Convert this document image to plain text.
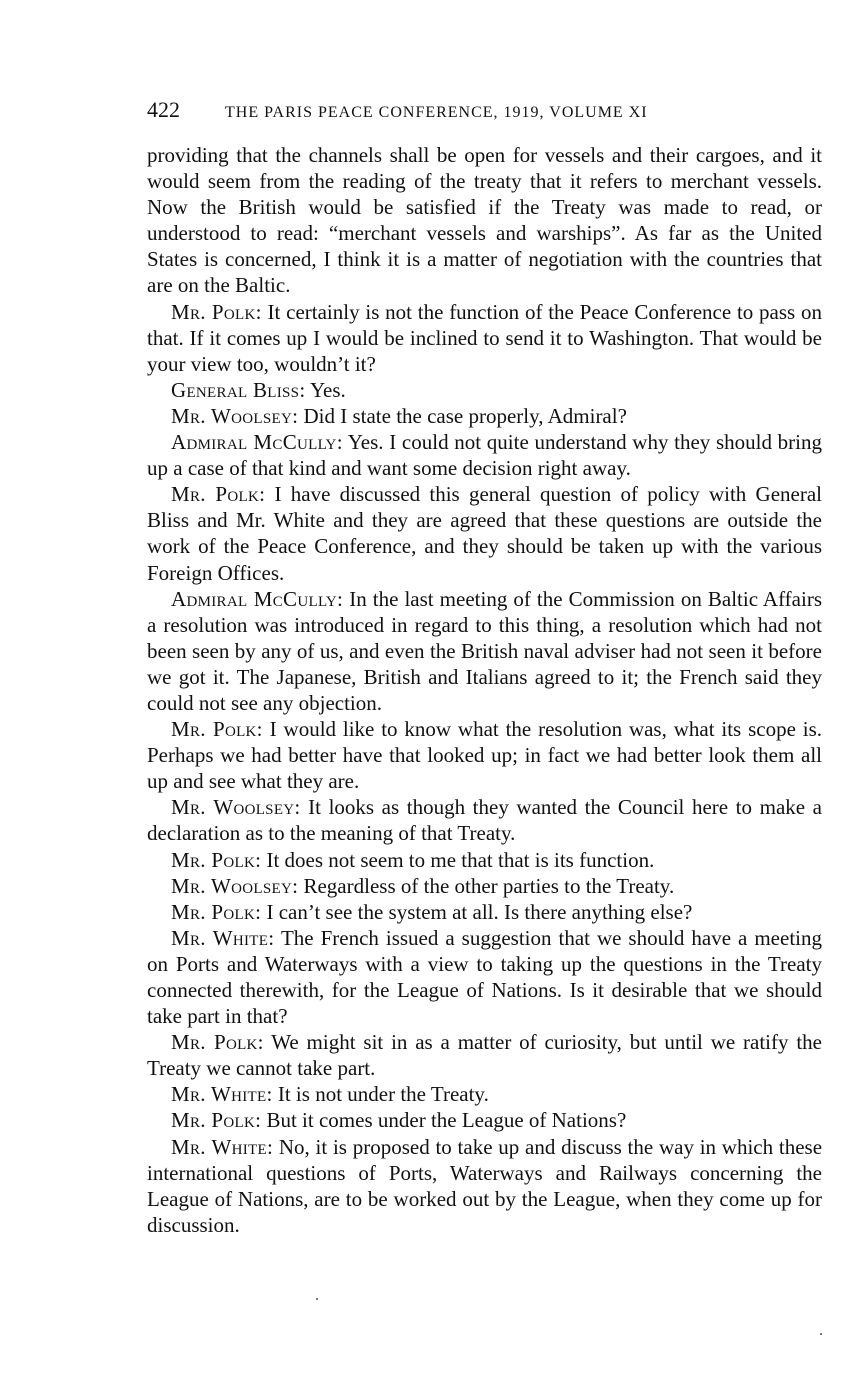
422	THE PARIS PEACE CONFERENCE, 1919, VOLUME XI

providing that the channels shall be open for vessels and their cargoes, and it would seem from the reading of the treaty that it refers to merchant vessels. Now the British would be satisfied if the Treaty was made to read, or understood to read: “merchant vessels and warships”. As far as the United States is concerned, I think it is a matter of negotiation with the countries that are on the Baltic.

Mr. Polk: It certainly is not the function of the Peace Conference to pass on that. If it comes up I would be inclined to send it to Washington. That would be your view too, wouldn’t it?

General Bliss: Yes.

Mr. Woolsey: Did I state the case properly, Admiral?

Admiral McCully: Yes. I could not quite understand why they should bring up a case of that kind and want some decision right away.

Mr. Polk: I have discussed this general question of policy with General Bliss and Mr. White and they are agreed that these questions are outside the work of the Peace Conference, and they should be taken up with the various Foreign Offices.

Admiral McCully: In the last meeting of the Commission on Baltic Affairs a resolution was introduced in regard to this thing, a resolution which had not been seen by any of us, and even the British naval adviser had not seen it before we got it. The Japanese, British and Italians agreed to it; the French said they could not see any objection.

Mr. Polk: I would like to know what the resolution was, what its scope is. Perhaps we had better have that looked up; in fact we had better look them all up and see what they are.

Mr. Woolsey: It looks as though they wanted the Council here to make a declaration as to the meaning of that Treaty.

Mr. Polk: It does not seem to me that that is its function.

Mr. Woolsey: Regardless of the other parties to the Treaty.

Mr. Polk: I can’t see the system at all. Is there anything else?

Mr. White: The French issued a suggestion that we should have a meeting on Ports and Waterways with a view to taking up the questions in the Treaty connected therewith, for the League of Nations. Is it desirable that we should take part in that?

Mr. Polk: We might sit in as a matter of curiosity, but until we ratify the Treaty we cannot take part.

Mr. White: It is not under the Treaty.

Mr. Polk: But it comes under the League of Nations?

Mr. White: No, it is proposed to take up and discuss the way in which these international questions of Ports, Waterways and Railways concerning the League of Nations, are to be worked out by the League, when they come up for discussion.
